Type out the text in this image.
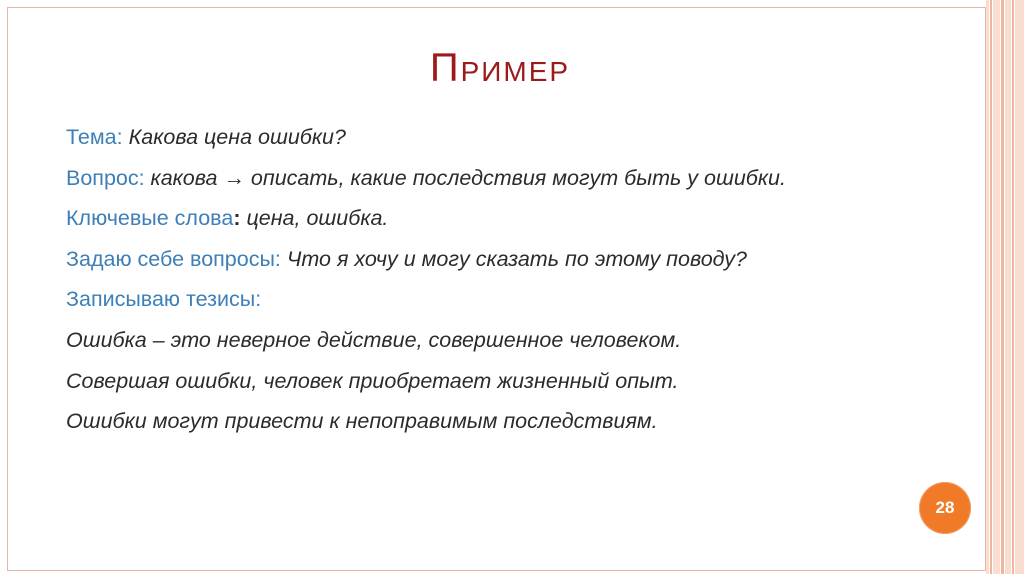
Пример
Тема: Какова цена ошибки?
Вопрос: какова → описать, какие последствия могут быть у ошибки.
Ключевые слова: цена, ошибка.
Задаю себе вопросы: Что я хочу и могу сказать по этому поводу?
Записываю тезисы:
Ошибка – это неверное действие, совершенное человеком.
Совершая ошибки, человек приобретает жизненный опыт.
Ошибки могут привести к непоправимым последствиям.
28
